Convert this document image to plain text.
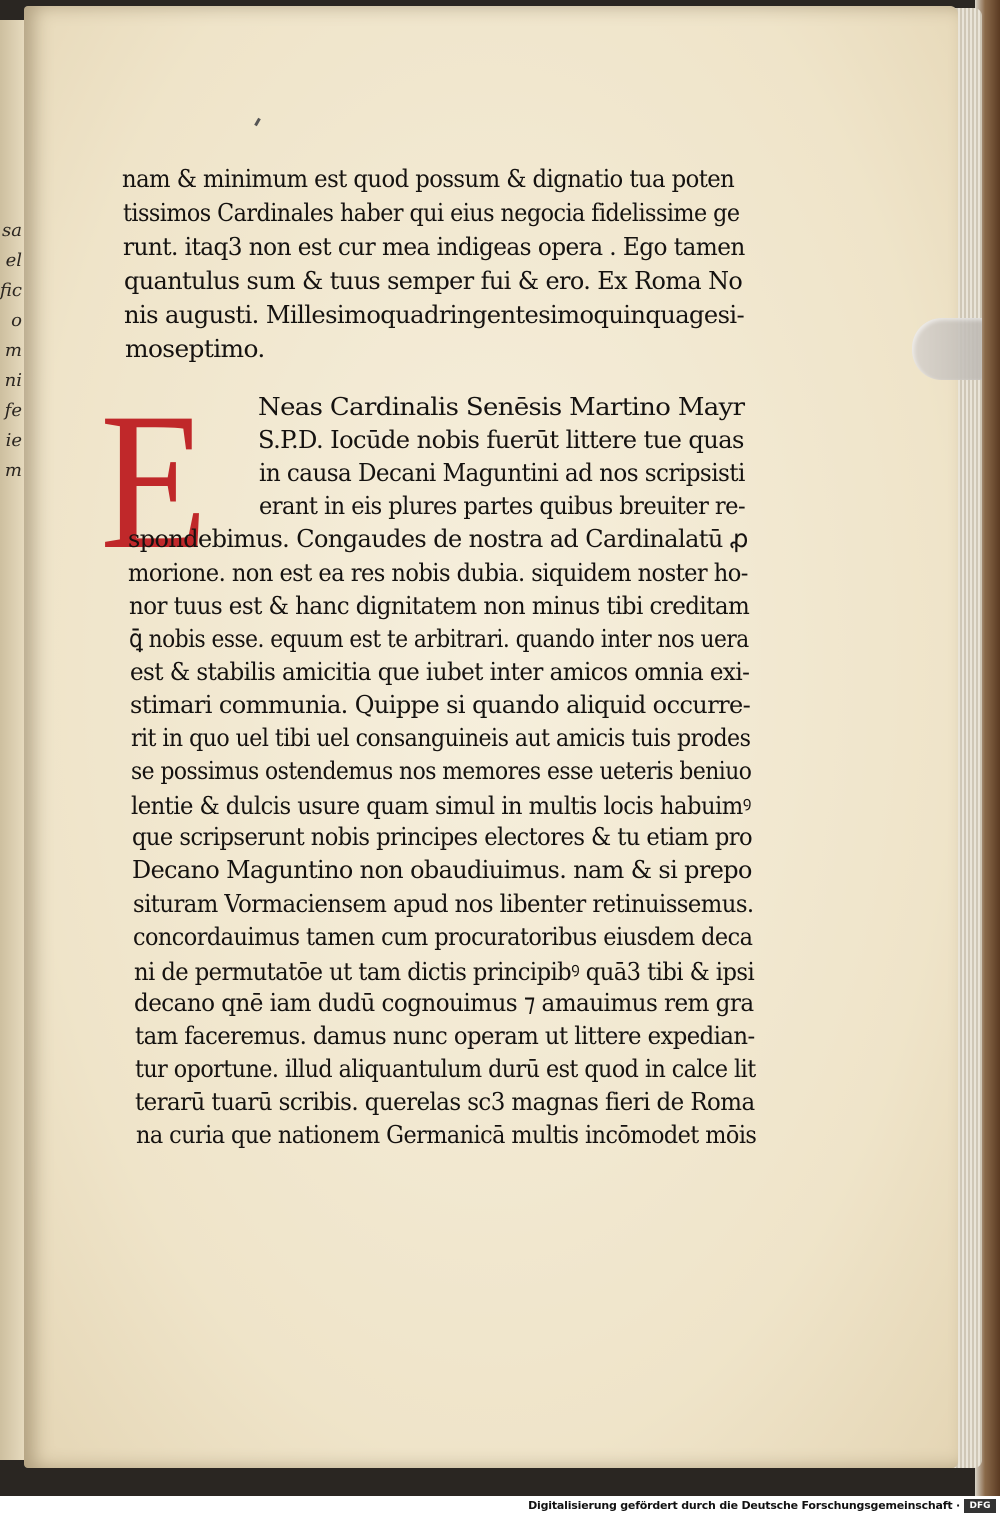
sa
el
fic
o
m
ni
fe
ie
m E
nam & minimum est quod possum & dignatio tua poten
tissimos Cardinales haber qui eius negocia fidelissime ge
runt. itaq3 non est cur mea indigeas opera . Ego tamen
quantulus sum & tuus semper fui & ero. Ex Roma No
nis augusti. Millesimoquadringentesimoquinquagesi-
moseptimo.
Neas Cardinalis Senēsis Martino Mayr
S.P.D. Iocūde nobis fuerūt littere tue quas
in causa Decani Maguntini ad nos scripsisti
erant in eis plures partes quibus breuiter re-
spondebimus. Congaudes de nostra ad Cardinalatū ꝓ
morione. non est ea res nobis dubia. siquidem noster ho-
nor tuus est & hanc dignitatem non minus tibi creditam
ꝗ̄ nobis esse. equum est te arbitrari. quando inter nos uera
est & stabilis amicitia que iubet inter amicos omnia exi-
stimari communia. Quippe si quando aliquid occurre-
rit in quo uel tibi uel consanguineis aut amicis tuis prodes
se possimus ostendemus nos memores esse ueteris beniuo
lentie & dulcis usure quam simul in multis locis habuimꝰ
que scripserunt nobis principes electores & tu etiam pro
Decano Maguntino non obaudiuimus. nam & si prepo
situram Vormaciensem apud nos libenter retinuissemus.
concordauimus tamen cum procuratoribus eiusdem deca
ni de permutatōe ut tam dictis principibꝰ quā3 tibi & ipsi
decano qnē iam dudū cognouimus ⁊ amauimus rem gra
tam faceremus. damus nunc operam ut littere expedian-
tur oportune. illud aliquantulum durū est quod in calce lit
terarū tuarū scribis. querelas sc3 magnas fieri de Roma
na curia que nationem Germanicā multis incōmodet mōis
Digitalisierung gefördert durch die Deutsche Forschungsgemeinschaft ·	DFG
